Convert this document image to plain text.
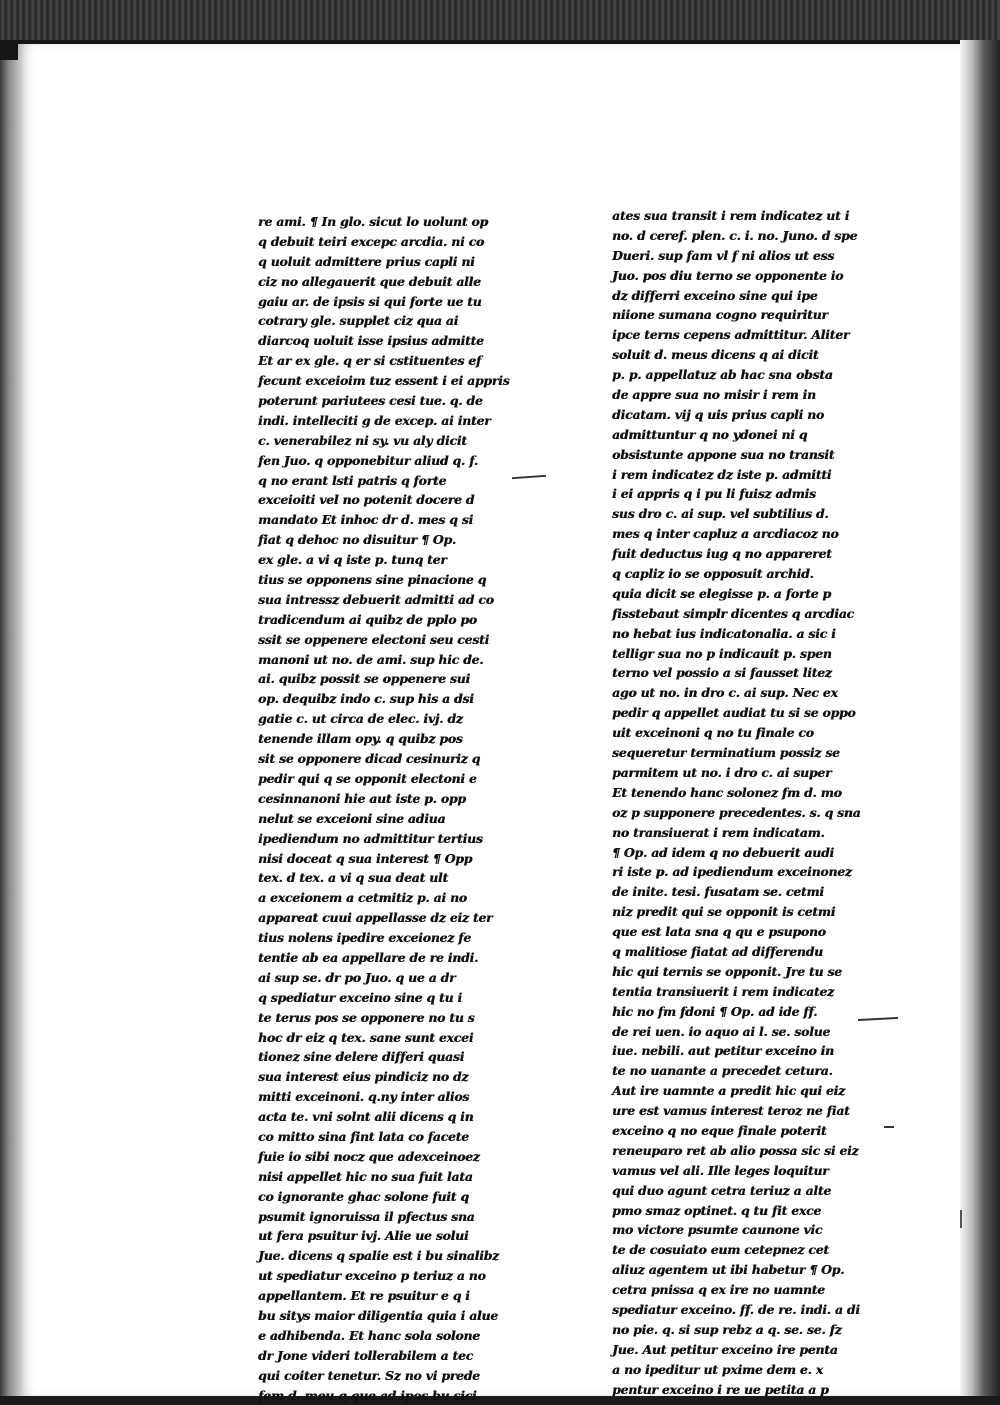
re ami. ¶ In glo. sicut lo uolunt op
q debuit teiri excepc arcdia. ni co
q uoluit admittere prius capli ni
ciz no allegauerit que debuit alle
gaiu ar. de ipsis si qui forte ue tu
cotrary gle. supplet ciz qua ai
diarcoq uoluit isse ipsius admitte
Et ar ex gle. q er si cstituentes ef
fecunt exceioim tuz essent i ei appris
poterunt pariutees cesi tue. q. de
indi. intelleciti g de excep. ai inter
c. venerabilez ni sy. vu aly dicit
fen Juo. q opponebitur aliud q. f.
q no erant lsti patris q forte
exceioiti vel no potenit docere d
mandato Et inhoc dr d. mes q si
fiat q dehoc no disuitur ¶ Op.
ex gle. a vi q iste p. tunq ter
tius se opponens sine pinacione q
sua intressz debuerit admitti ad co
tradicendum ai quibz de pplo po
ssit se oppenere electoni seu cesti
manoni ut no. de ami. sup hic de.
ai. quibz possit se oppenere sui
op. dequibz indo c. sup his a dsi
gatie c. ut circa de elec. ivj. dz
tenende illam opy. q quibz pos
sit se opponere dicad cesinuriz q
pedir qui q se opponit electoni e
cesinnanoni hie aut iste p. opp
nelut se exceioni sine adiua
ipediendum no admittitur tertius
nisi doceat q sua interest ¶ Opp
tex. d tex. a vi q sua deat ult
a exceionem a cetmitiz p. ai no
appareat cuui appellasse dz eiz ter
tius nolens ipedire exceionez fe
tentie ab ea appellare de re indi.
ai sup se. dr po Juo. q ue a dr
q spediatur exceino sine q tu i
te terus pos se opponere no tu s
hoc dr eiz q tex. sane sunt excei
tionez sine delere differi quasi
sua interest eius pindiciz no dz
mitti exceinoni. q.ny inter alios
acta te. vni solnt alii dicens q in
co mitto sina fint lata co facete
fuie io sibi nocz que adexceinoez
nisi appellet hic no sua fuit lata
co ignorante ghac solone fuit q
psumit ignoruissa il pfectus sna
ut fera psuitur ivj. Alie ue solui
Jue. dicens q spalie est i bu sinalibz
ut spediatur exceino p teriuz a no
appellantem. Et re psuitur e q i
bu sitys maior diligentia quia i alue
e adhibenda. Et hanc sola solone
dr Jone videri tollerabilem a tec
qui coiter tenetur. Sz no vi prede
fem d. meu q que ad ipos bu sici
ates sua transit i rem indicatez ut i
no. d ceref. plen. c. i. no. Juno. d spe
Dueri. sup fam vl f ni alios ut ess
Juo. pos diu terno se opponente io
dz differri exceino sine qui ipe
niione sumana cogno requiritur
ipce terns cepens admittitur. Aliter
soluit d. meus dicens q ai dicit
p. p. appellatuz ab hac sna obsta
de appre sua no misir i rem in
dicatam. vij q uis prius capli no
admittuntur q no ydonei ni q
obsistunte appone sua no transit
i rem indicatez dz iste p. admitti
i ei appris q i pu li fuisz admis
sus dro c. ai sup. vel subtilius d.
mes q inter capluz a arcdiacoz no
fuit deductus iug q no appareret
q capliz io se opposuit archid.
quia dicit se elegisse p. a forte p
fisstebaut simplr dicentes q arcdiac
no hebat ius indicatonalia. a sic i
telligr sua no p indicauit p. spen
terno vel possio a si fausset litez
ago ut no. in dro c. ai sup. Nec ex
pedir q appellet audiat tu si se oppo
uit exceinoni q no tu finale co
sequeretur terminatium possiz se
parmitem ut no. i dro c. ai super
Et tenendo hanc solonez fm d. mo
oz p supponere precedentes. s. q sna
no transiuerat i rem indicatam.
¶ Op. ad idem q no debuerit audi
ri iste p. ad ipediendum exceinonez
de inite. tesi. fusatam se. cetmi
niz predit qui se opponit is cetmi
que est lata sna q qu e psupono
q malitiose fiatat ad differendu
hic qui ternis se opponit. Jre tu se
tentia transiuerit i rem indicatez
hic no fm fdoni ¶ Op. ad ide ff.
de rei uen. io aquo ai l. se. solue
iue. nebili. aut petitur exceino in
te no uanante a precedet cetura.
Aut ire uamnte a predit hic qui eiz
ure est vamus interest teroz ne fiat
exceino q no eque finale poterit
reneuparo ret ab alio possa sic si eiz
vamus vel ali. Ille leges loquitur
qui duo agunt cetra teriuz a alte
pmo smaz optinet. q tu fit exce
mo victore psumte caunone vic
te de cosuiato eum cetepnez cet
aliuz agentem ut ibi habetur ¶ Op.
cetra pnissa q ex ire no uamnte
spediatur exceino. ff. de re. indi. a di
no pie. q. si sup rebz a q. se. se. fz
Jue. Aut petitur exceino ire penta
a no ipeditur ut pxime dem e. x
pentur exceino i re ue petita a p
